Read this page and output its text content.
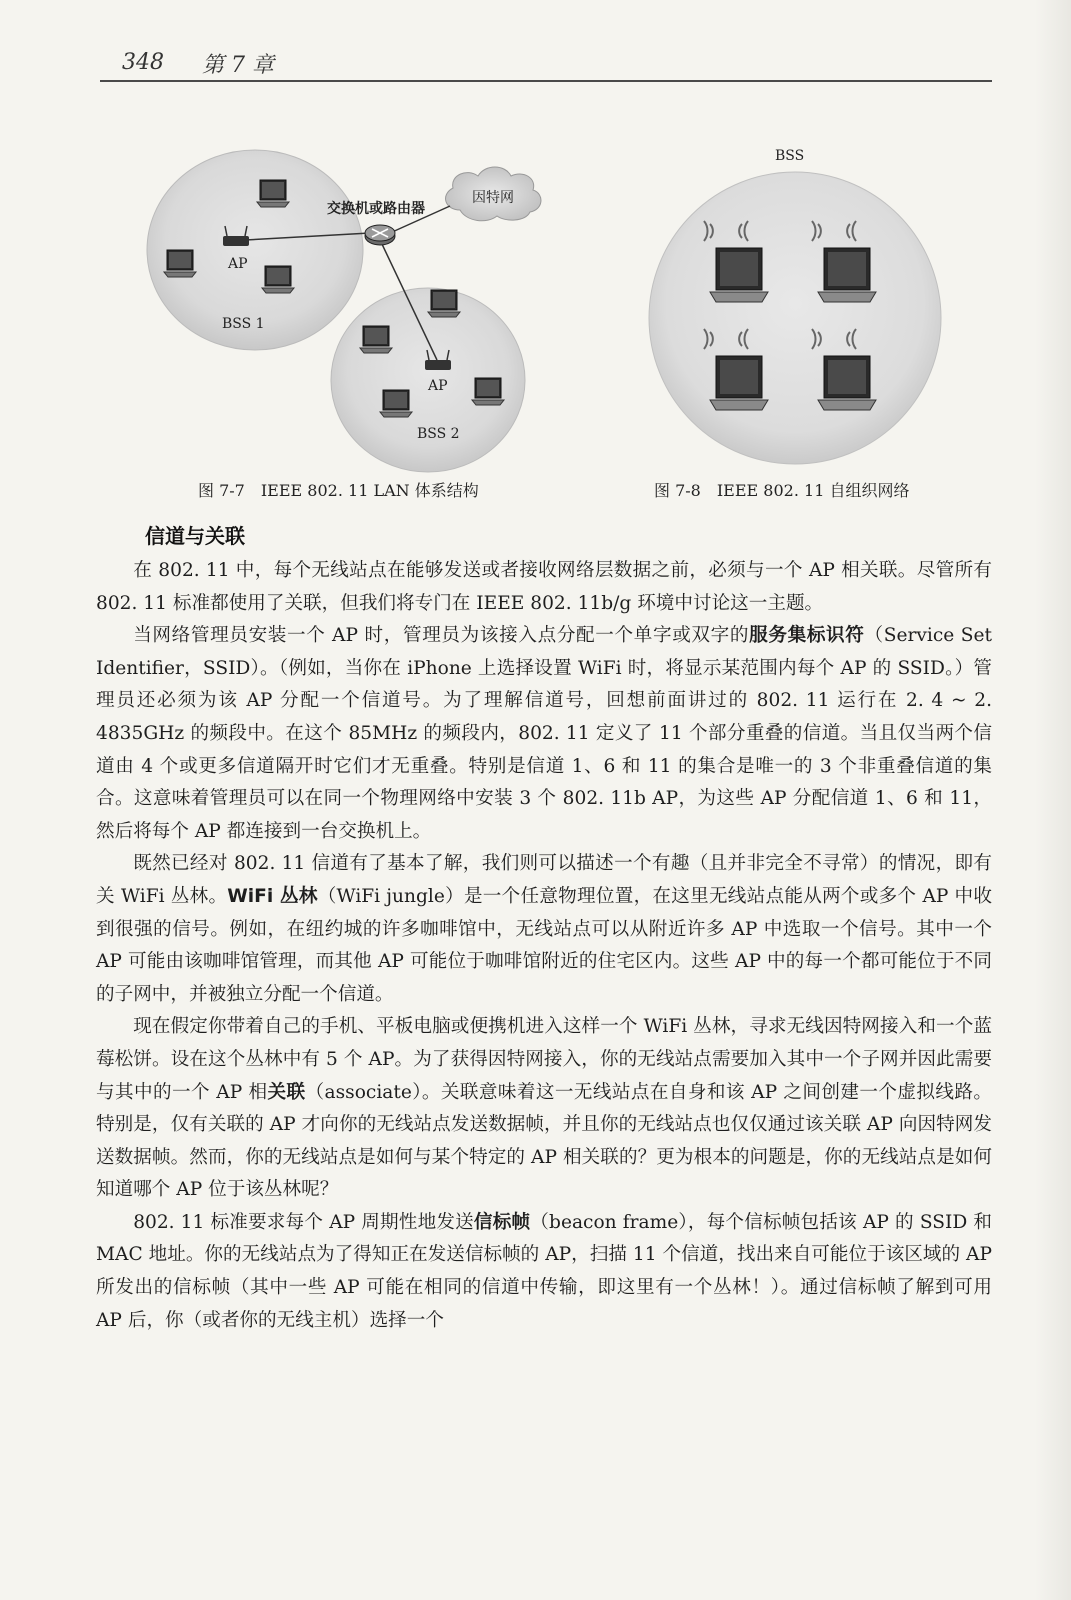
348 第 7 章
因特网
交换机或路由器
AP
BSS 1
AP
BSS 2
BSS
图 7-7　IEEE 802. 11 LAN 体系结构	图 7-8　IEEE 802. 11 自组织网络
信道与关联

在 802. 11 中，每个无线站点在能够发送或者接收网络层数据之前，必须与一个 AP 相关联。尽管所有 802. 11 标准都使用了关联，但我们将专门在 IEEE 802. 11b/g 环境中讨论这一主题。

当网络管理员安装一个 AP 时，管理员为该接入点分配一个单字或双字的服务集标识符（Service Set Identifier，SSID）。（例如，当你在 iPhone 上选择设置 WiFi 时，将显示某范围内每个 AP 的 SSID。）管理员还必须为该 AP 分配一个信道号。为了理解信道号，回想前面讲过的 802. 11 运行在 2. 4 ~ 2. 4835GHz 的频段中。在这个 85MHz 的频段内，802. 11 定义了 11 个部分重叠的信道。当且仅当两个信道由 4 个或更多信道隔开时它们才无重叠。特别是信道 1、6 和 11 的集合是唯一的 3 个非重叠信道的集合。这意味着管理员可以在同一个物理网络中安装 3 个 802. 11b AP，为这些 AP 分配信道 1、6 和 11，然后将每个 AP 都连接到一台交换机上。

既然已经对 802. 11 信道有了基本了解，我们则可以描述一个有趣（且并非完全不寻常）的情况，即有关 WiFi 丛林。WiFi 丛林（WiFi jungle）是一个任意物理位置，在这里无线站点能从两个或多个 AP 中收到很强的信号。例如，在纽约城的许多咖啡馆中，无线站点可以从附近许多 AP 中选取一个信号。其中一个 AP 可能由该咖啡馆管理，而其他 AP 可能位于咖啡馆附近的住宅区内。这些 AP 中的每一个都可能位于不同的子网中，并被独立分配一个信道。

现在假定你带着自己的手机、平板电脑或便携机进入这样一个 WiFi 丛林，寻求无线因特网接入和一个蓝莓松饼。设在这个丛林中有 5 个 AP。为了获得因特网接入，你的无线站点需要加入其中一个子网并因此需要与其中的一个 AP 相关联（associate）。关联意味着这一无线站点在自身和该 AP 之间创建一个虚拟线路。特别是，仅有关联的 AP 才向你的无线站点发送数据帧，并且你的无线站点也仅仅通过该关联 AP 向因特网发送数据帧。然而，你的无线站点是如何与某个特定的 AP 相关联的？更为根本的问题是，你的无线站点是如何知道哪个 AP 位于该丛林呢？

802. 11 标准要求每个 AP 周期性地发送信标帧（beacon frame），每个信标帧包括该 AP 的 SSID 和 MAC 地址。你的无线站点为了得知正在发送信标帧的 AP，扫描 11 个信道，找出来自可能位于该区域的 AP 所发出的信标帧（其中一些 AP 可能在相同的信道中传输，即这里有一个丛林！）。通过信标帧了解到可用 AP 后，你（或者你的无线主机）选择一个
